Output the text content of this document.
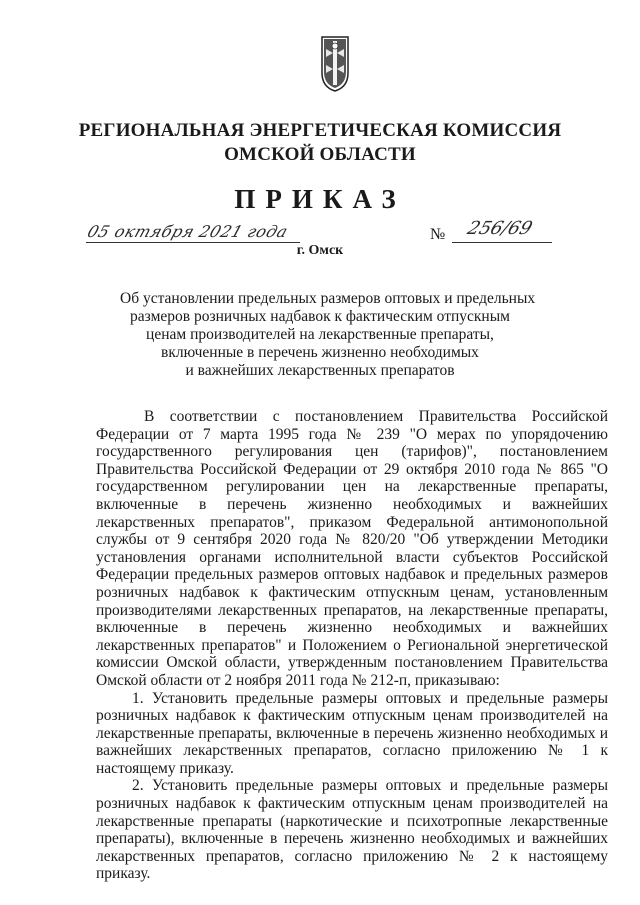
РЕГИОНАЛЬНАЯ ЭНЕРГЕТИЧЕСКАЯ КОМИССИЯ
ОМСКОЙ ОБЛАСТИ
ПРИКАЗ
05 октября 2021 года	№ 256/69
г. Омск
Об установлении предельных размеров оптовых и предельных
размеров розничных надбавок к фактическим отпускным
ценам производителей на лекарственные препараты,
включенные в перечень жизненно необходимых
и важнейших лекарственных препаратов

В соответствии с постановлением Правительства Российской Федерации от 7 марта 1995 года № 239 "О мерах по упорядочению государственного регулирования цен (тарифов)", постановлением Правительства Российской Федерации от 29 октября 2010 года № 865 "О государственном регулировании цен на лекарственные препараты, включенные в перечень жизненно необходимых и важнейших лекарственных препаратов", приказом Федеральной антимонопольной службы от 9 сентября 2020 года № 820/20 "Об утверждении Методики установления органами исполнительной власти субъектов Российской Федерации предельных размеров оптовых надбавок и предельных размеров розничных надбавок к фактическим отпускным ценам, установленным производителями лекарственных препаратов, на лекарственные препараты, включенные в перечень жизненно необходимых и важнейших лекарственных препаратов" и Положением о Региональной энергетической комиссии Омской области, утвержденным постановлением Правительства Омской области от 2 ноября 2011 года № 212-п, приказываю:

1. Установить предельные размеры оптовых и предельные размеры розничных надбавок к фактическим отпускным ценам производителей на лекарственные препараты, включенные в перечень жизненно необходимых и важнейших лекарственных препаратов, согласно приложению № 1 к настоящему приказу.

2. Установить предельные размеры оптовых и предельные размеры розничных надбавок к фактическим отпускным ценам производителей на лекарственные препараты (наркотические и психотропные лекарственные препараты), включенные в перечень жизненно необходимых и важнейших лекарственных препаратов, согласно приложению № 2 к настоящему приказу.
